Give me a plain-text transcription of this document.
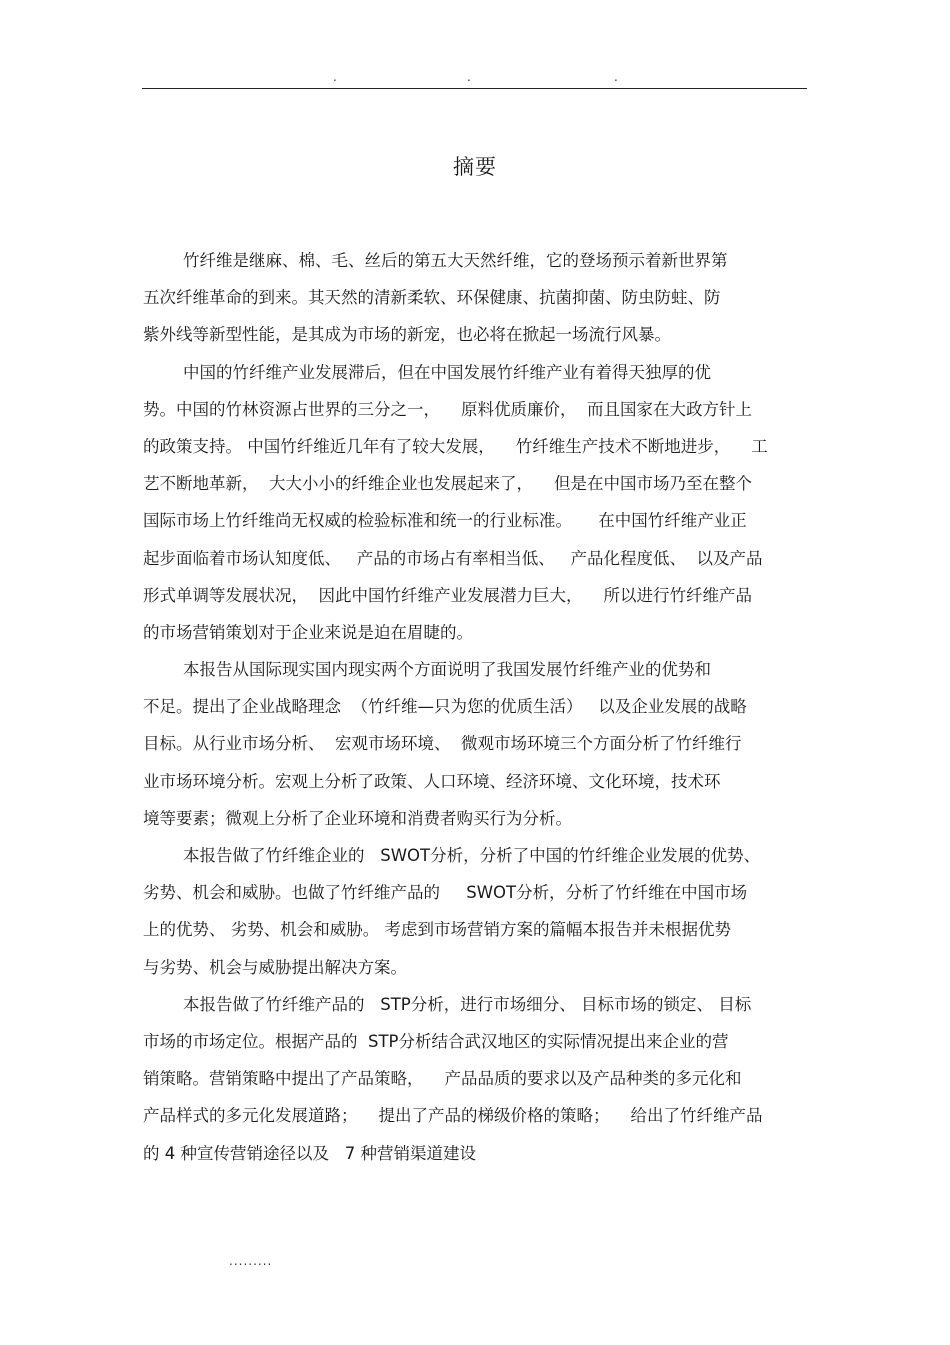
.	.	.
摘要
竹纤维是继麻、棉、毛、丝后的第五大天然纤维，它的登场预示着新世界第
五次纤维革命的到来。其天然的清新柔软、环保健康、抗菌抑菌、防虫防蛀、防
紫外线等新型性能，是其成为市场的新宠，也必将在掀起一场流行风暴。
中国的竹纤维产业发展滞后，但在中国发展竹纤维产业有着得天独厚的优
势。中国的竹林资源占世界的三分之一，    原料优质廉价，  而且国家在大政方针上
的政策支持。 中国竹纤维近几年有了较大发展，    竹纤维生产技术不断地进步，    工
艺不断地革新，  大大小小的纤维企业也发展起来了，    但是在中国市场乃至在整个
国际市场上竹纤维尚无权威的检验标准和统一的行业标准。     在中国竹纤维产业正
起步面临着市场认知度低、   产品的市场占有率相当低、   产品化程度低、  以及产品
形式单调等发展状况，  因此中国竹纤维产业发展潜力巨大，    所以进行竹纤维产品
的市场营销策划对于企业来说是迫在眉睫的。
本报告从国际现实国内现实两个方面说明了我国发展竹纤维产业的优势和
不足。提出了企业战略理念  （竹纤维—只为您的优质生活）   以及企业发展的战略
目标。从行业市场分析、  宏观市场环境、  微观市场环境三个方面分析了竹纤维行
业市场环境分析。宏观上分析了政策、人口环境、经济环境、文化环境，技术环
境等要素；微观上分析了企业环境和消费者购买行为分析。
本报告做了竹纤维企业的   SWOT分析，分析了中国的竹纤维企业发展的优势、
劣势、机会和威胁。也做了竹纤维产品的     SWOT分析，分析了竹纤维在中国市场
上的优势、 劣势、机会和威胁。 考虑到市场营销方案的篇幅本报告并未根据优势
与劣势、机会与威胁提出解决方案。
本报告做了竹纤维产品的   STP分析，进行市场细分、 目标市场的锁定、 目标
市场的市场定位。根据产品的  STP分析结合武汉地区的实际情况提出来企业的营
销策略。营销策略中提出了产品策略，    产品品质的要求以及产品种类的多元化和
产品样式的多元化发展道路；    提出了产品的梯级价格的策略；    给出了竹纤维产品
的 4 种宣传营销途径以及   7 种营销渠道建设
.........
